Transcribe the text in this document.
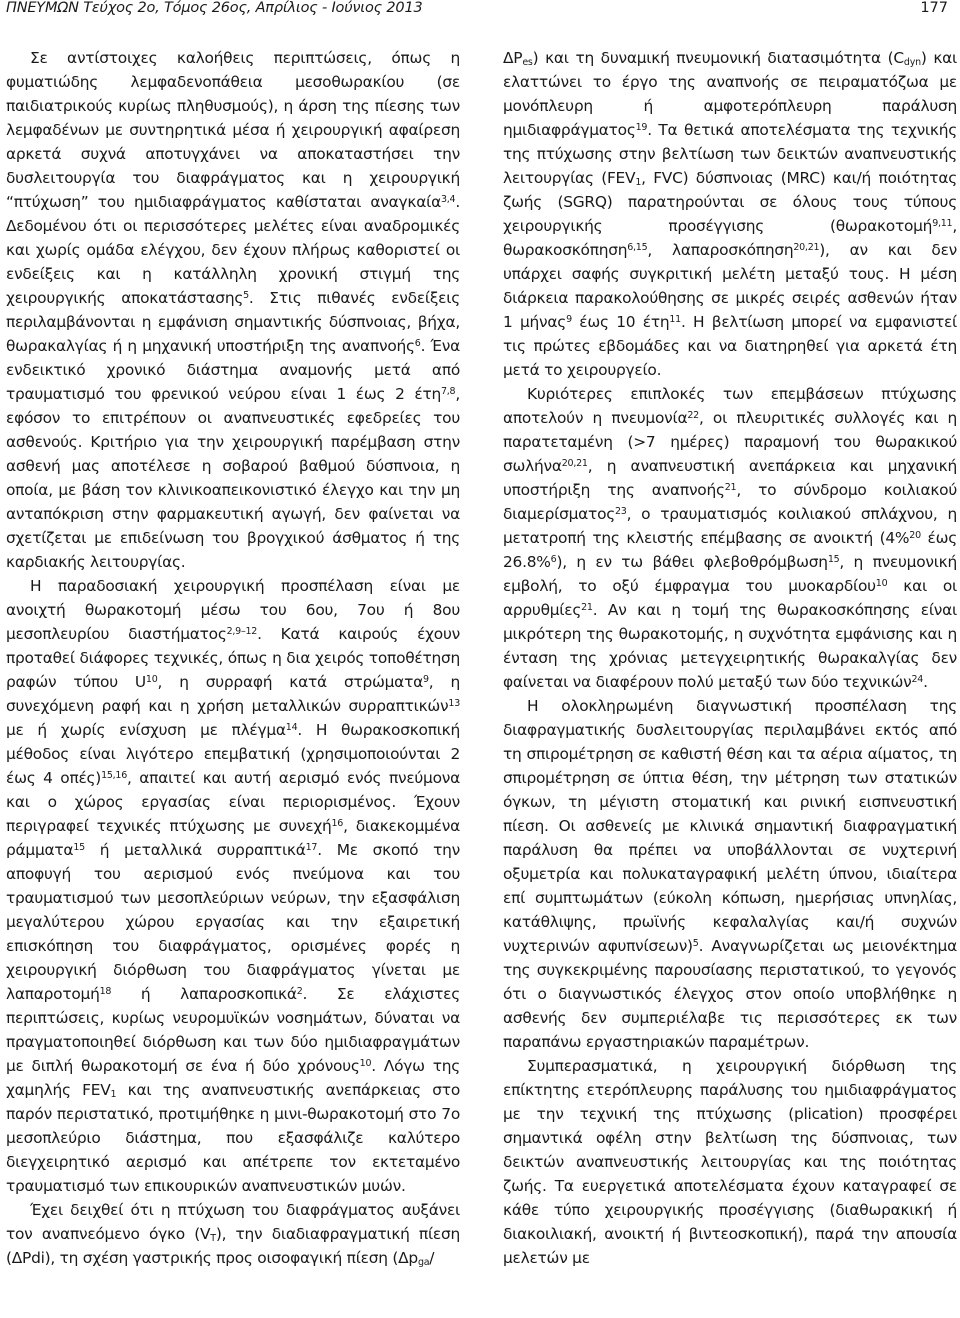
ΠΝΕΥΜΩΝ Τεύχος 2ο, Τόμος 26ος, Απρίλιος - Ιούνιος 2013	177

Σε αντίστοιχες καλοήθεις περιπτώσεις, όπως η φυματιώδης λεμφαδενοπάθεια μεσοθωρακίου (σε παιδιατρικούς κυρίως πληθυσμούς), η άρση της πίεσης των λεμφαδένων με συντηρητικά μέσα ή χειρουργική αφαίρεση αρκετά συχνά αποτυγχάνει να αποκαταστήσει την δυσλειτουργία του διαφράγματος και η χειρουργική “πτύχωση” του ημιδιαφράγματος καθίσταται αναγκαία$^{3,4}$. Δεδομένου ότι οι περισσότερες μελέτες είναι αναδρομικές και χωρίς ομάδα ελέγχου, δεν έχουν πλήρως καθοριστεί οι ενδείξεις και η κατάλληλη χρονική στιγμή της χειρουργικής αποκατάστασης$^5$. Στις πιθανές ενδείξεις περιλαμβάνονται η εμφάνιση σημαντικής δύσπνοιας, βήχα, θωρακαλγίας ή η μηχανική υποστήριξη της αναπνοής$^6$. Ένα ενδεικτικό χρονικό διάστημα αναμονής μετά από τραυματισμό του φρενικού νεύρου είναι 1 έως 2 έτη$^{7,8}$, εφόσον το επιτρέπουν οι αναπνευστικές εφεδρείες του ασθενούς. Κριτήριο για την χειρουργική παρέμβαση στην ασθενή μας αποτέλεσε η σοβαρού βαθμού δύσπνοια, η οποία, με βάση τον κλινικοαπεικονιστικό έλεγχο και την μη ανταπόκριση στην φαρμακευτική αγωγή, δεν φαίνεται να σχετίζεται με επιδείνωση του βρογχικού άσθματος ή της καρδιακής λειτουργίας.

Η παραδοσιακή χειρουργική προσπέλαση είναι με ανοιχτή θωρακοτομή μέσω του 6ου, 7ου ή 8ου μεσοπλευρίου διαστήματος$^{2,9-12}$. Κατά καιρούς έχουν προταθεί διάφορες τεχνικές, όπως η δια χειρός τοποθέτηση ραφών τύπου $U^{10}$, η συρραφή κατά στρώματα$^9$, η συνεχόμενη ραφή και η χρήση μεταλλικών συρραπτικών$^{13}$ με ή χωρίς ενίσχυση με πλέγμα$^{14}$. Η θωρακοσκοπική μέθοδος είναι λιγότερο επεμβατική (χρησιμοποιούνται 2 έως 4 οπές)$^{15,16}$, απαιτεί και αυτή αερισμό ενός πνεύμονα και ο χώρος εργασίας είναι περιορισμένος. Έχουν περιγραφεί τεχνικές πτύχωσης με συνεχή$^{16}$, διακεκομμένα ράμματα$^{15}$ ή μεταλλικά συρραπτικά$^{17}$. Με σκοπό την αποφυγή του αερισμού ενός πνεύμονα και του τραυματισμού των μεσοπλεύριων νεύρων, την εξασφάλιση μεγαλύτερου χώρου εργασίας και την εξαιρετική επισκόπηση του διαφράγματος, ορισμένες φορές η χειρουργική διόρθωση του διαφράγματος γίνεται με λαπαροτομή$^{18}$ ή λαπαροσκοπικά$^2$. Σε ελάχιστες περιπτώσεις, κυρίως νευρομυϊκών νοσημάτων, δύναται να πραγματοποιηθεί διόρθωση και των δύο ημιδιαφραγμάτων με διπλή θωρακοτομή σε ένα ή δύο χρόνους$^{10}$. Λόγω της χαμηλής $FEV_1$ και της αναπνευστικής ανεπάρκειας στο παρόν περιστατικό, προτιμήθηκε η μινι-θωρακοτομή στο 7ο μεσοπλεύριο διάστημα, που εξασφάλιζε καλύτερο διεγχειρητικό αερισμό και απέτρεπε τον εκτεταμένο τραυματισμό των επικουρικών αναπνευστικών μυών.

Έχει δειχθεί ότι η πτύχωση του διαφράγματος αυξάνει τον αναπνεόμενο όγκο $(V_T)$, την διαδιαφραγματική πίεση (ΔPdi), τη σχέση γαστρικής προς οισοφαγική πίεση ($\Delta p_{ga}/$

$\Delta P_{es}$) και τη δυναμική πνευμονική διατασιμότητα $(C_{dyn})$ και ελαττώνει το έργο της αναπνοής σε πειραματόζωα με μονόπλευρη ή αμφοτερόπλευρη παράλυση ημιδιαφράγματος$^{19}$. Τα θετικά αποτελέσματα της τεχνικής της πτύχωσης στην βελτίωση των δεικτών αναπνευστικής λειτουργίας ($FEV_1$, FVC) δύσπνοιας (MRC) και/ή ποιότητας ζωής (SGRQ) παρατηρούνται σε όλους τους τύπους χειρουργικής προσέγγισης (θωρακοτομή$^{9,11}$, θωρακοσκόπηση$^{6,15}$, λαπαροσκόπηση$^{20,21}$), αν και δεν υπάρχει σαφής συγκριτική μελέτη μεταξύ τους. Η μέση διάρκεια παρακολούθησης σε μικρές σειρές ασθενών ήταν 1 μήνας$^9$ έως 10 έτη$^{11}$. Η βελτίωση μπορεί να εμφανιστεί τις πρώτες εβδομάδες και να διατηρηθεί για αρκετά έτη μετά το χειρουργείο.

Κυριότερες επιπλοκές των επεμβάσεων πτύχωσης αποτελούν η πνευμονία$^{22}$, οι πλευριτικές συλλογές και η παρατεταμένη (>7 ημέρες) παραμονή του θωρακικού σωλήνα$^{20,21}$, η αναπνευστική ανεπάρκεια και μηχανική υποστήριξη της αναπνοής$^{21}$, το σύνδρομο κοιλιακού διαμερίσματος$^{23}$, ο τραυματισμός κοιλιακού σπλάχνου, η μετατροπή της κλειστής επέμβασης σε ανοικτή (4%$^{20}$ έως 26.8%$^6$), η εν τω βάθει φλεβοθρόμβωση$^{15}$, η πνευμονική εμβολή, το οξύ έμφραγμα του μυοκαρδίου$^{10}$ και οι αρρυθμίες$^{21}$. Αν και η τομή της θωρακοσκόπησης είναι μικρότερη της θωρακοτομής, η συχνότητα εμφάνισης και η ένταση της χρόνιας μετεγχειρητικής θωρακαλγίας δεν φαίνεται να διαφέρουν πολύ μεταξύ των δύο τεχνικών$^{24}$.

Η ολοκληρωμένη διαγνωστική προσπέλαση της διαφραγματικής δυσλειτουργίας περιλαμβάνει εκτός από τη σπιρομέτρηση σε καθιστή θέση και τα αέρια αίματος, τη σπιρομέτρηση σε ύπτια θέση, την μέτρηση των στατικών όγκων, τη μέγιστη στοματική και ρινική εισπνευστική πίεση. Οι ασθενείς με κλινικά σημαντική διαφραγματική παράλυση θα πρέπει να υποβάλλονται σε νυχτερινή οξυμετρία και πολυκαταγραφική μελέτη ύπνου, ιδιαίτερα επί συμπτωμάτων (εύκολη κόπωση, ημερήσιας υπνηλίας, κατάθλιψης, πρωϊνής κεφαλαλγίας και/ή συχνών νυχτερινών αφυπνίσεων)$^5$. Αναγνωρίζεται ως μειονέκτημα της συγκεκριμένης παρουσίασης περιστατικού, το γεγονός ότι ο διαγνωστικός έλεγχος στον οποίο υποβλήθηκε η ασθενής δεν συμπεριέλαβε τις περισσότερες εκ των παραπάνω εργαστηριακών παραμέτρων.

Συμπερασματικά, η χειρουργική διόρθωση της επίκτητης ετερόπλευρης παράλυσης του ημιδιαφράγματος με την τεχνική της πτύχωσης (plication) προσφέρει σημαντικά οφέλη στην βελτίωση της δύσπνοιας, των δεικτών αναπνευστικής λειτουργίας και της ποιότητας ζωής. Τα ευεργετικά αποτελέσματα έχουν καταγραφεί σε κάθε τύπο χειρουργικής προσέγγισης (διαθωρακική ή διακοιλιακή, ανοικτή ή βιντεοσκοπική), παρά την απουσία μελετών με
